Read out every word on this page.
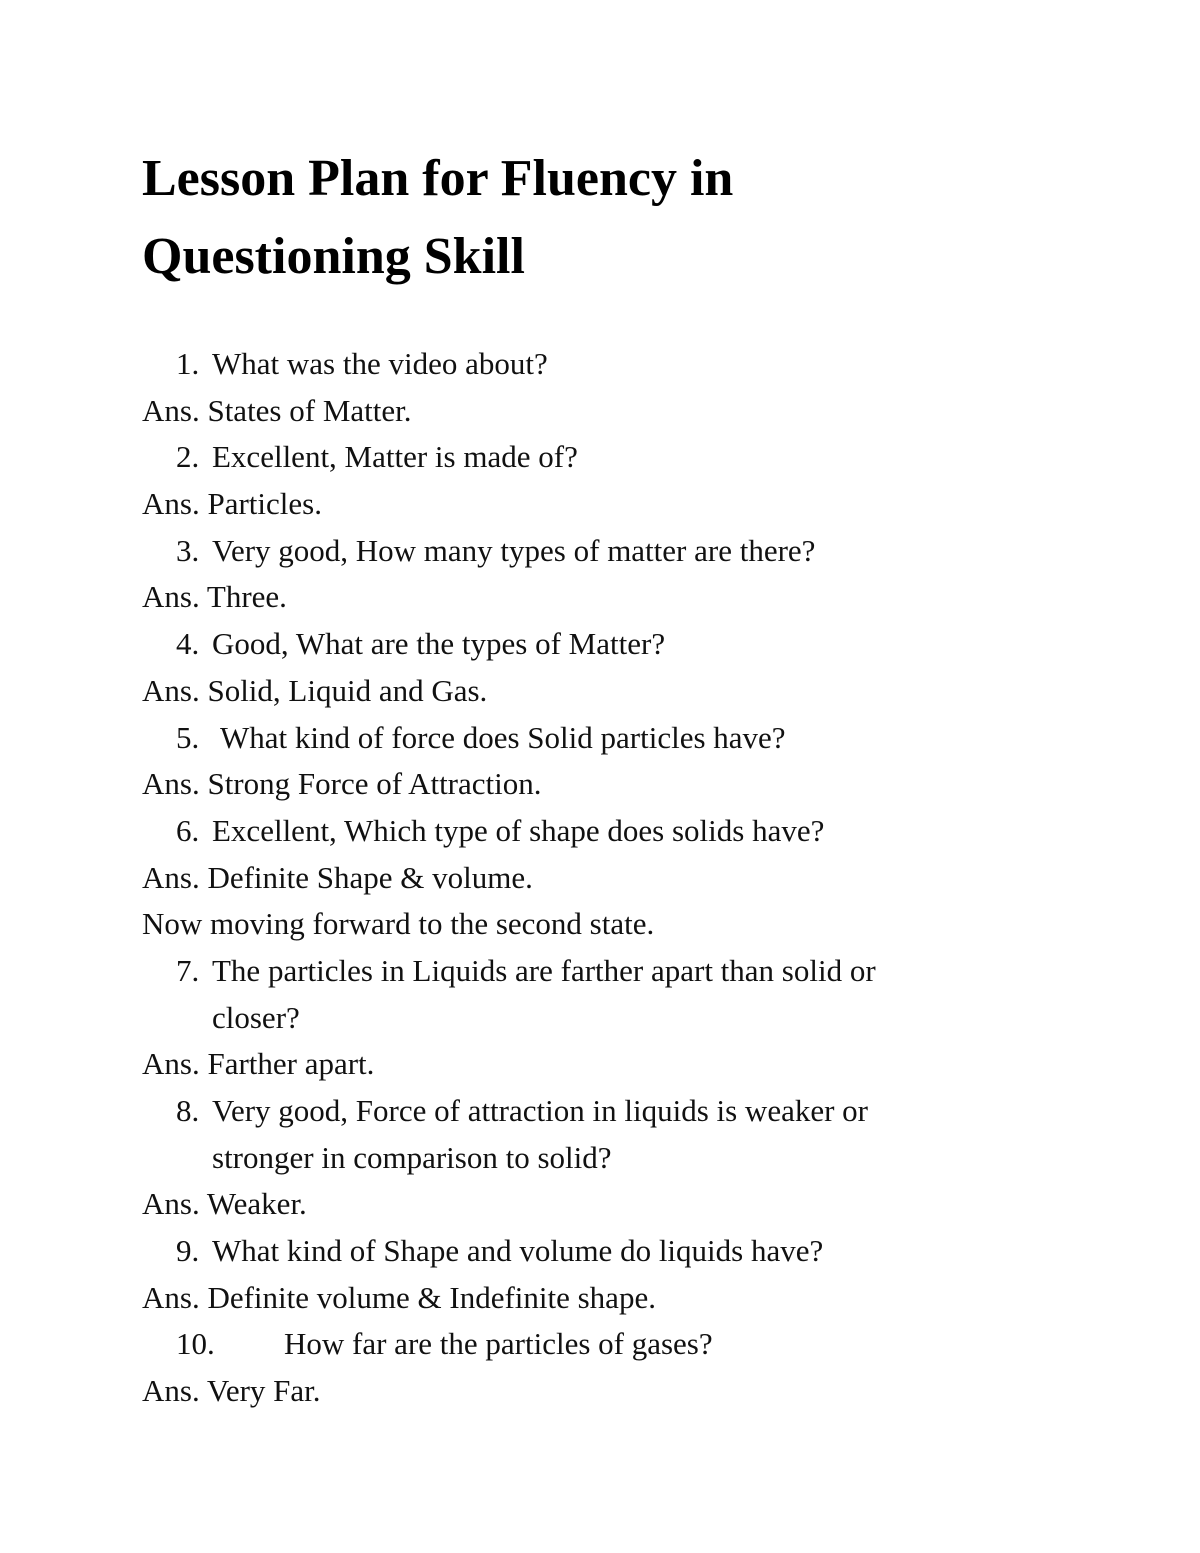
Lesson Plan for Fluency in
Questioning Skill
1. What was the video about?
Ans. States of Matter.
2. Excellent, Matter is made of?
Ans. Particles.
3. Very good, How many types of matter are there?
Ans. Three.
4. Good, What are the types of Matter?
Ans. Solid, Liquid and Gas.
5. What kind of force does Solid particles have?
Ans. Strong Force of Attraction.
6. Excellent, Which type of shape does solids have?
Ans. Definite Shape & volume.
Now moving forward to the second state.
7. The particles in Liquids are farther apart than solid or
closer?
Ans. Farther apart.
8. Very good, Force of attraction in liquids is weaker or
stronger in comparison to solid?
Ans. Weaker.
9. What kind of Shape and volume do liquids have?
Ans. Definite volume & Indefinite shape.
10. How far are the particles of gases?
Ans. Very Far.
